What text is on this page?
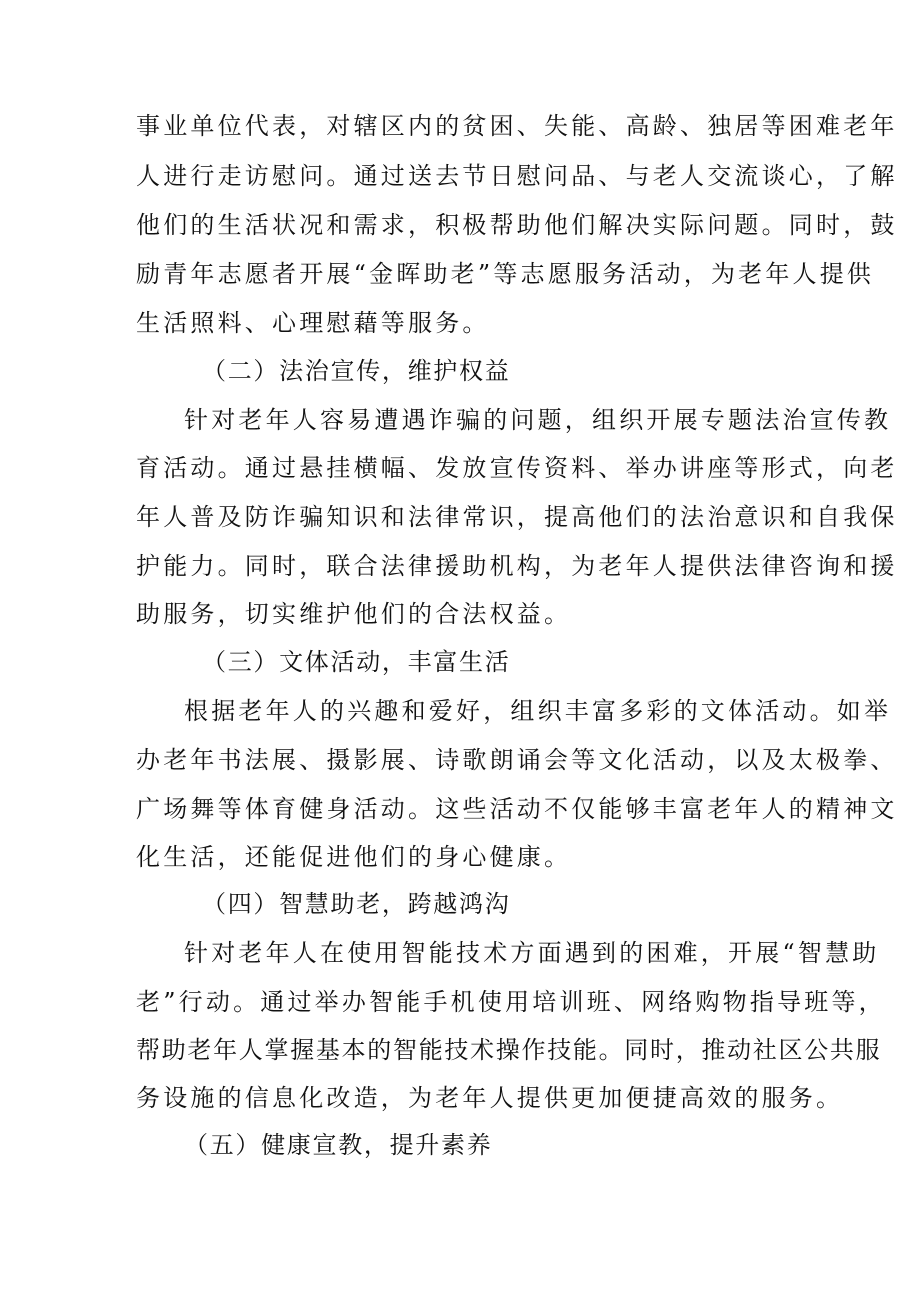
事业单位代表，对辖区内的贫困、失能、高龄、独居等困难老年
人进行走访慰问。通过送去节日慰问品、与老人交流谈心，了解
他们的生活状况和需求，积极帮助他们解决实际问题。同时，鼓
励青年志愿者开展“金晖助老”等志愿服务活动，为老年人提供
生活照料、心理慰藉等服务。
（二）法治宣传，维护权益
针对老年人容易遭遇诈骗的问题，组织开展专题法治宣传教
育活动。通过悬挂横幅、发放宣传资料、举办讲座等形式，向老
年人普及防诈骗知识和法律常识，提高他们的法治意识和自我保
护能力。同时，联合法律援助机构，为老年人提供法律咨询和援
助服务，切实维护他们的合法权益。
（三）文体活动，丰富生活
根据老年人的兴趣和爱好，组织丰富多彩的文体活动。如举
办老年书法展、摄影展、诗歌朗诵会等文化活动，以及太极拳、
广场舞等体育健身活动。这些活动不仅能够丰富老年人的精神文
化生活，还能促进他们的身心健康。
（四）智慧助老，跨越鸿沟
针对老年人在使用智能技术方面遇到的困难，开展“智慧助
老”行动。通过举办智能手机使用培训班、网络购物指导班等，
帮助老年人掌握基本的智能技术操作技能。同时，推动社区公共服
务设施的信息化改造，为老年人提供更加便捷高效的服务。
（五）健康宣教，提升素养
